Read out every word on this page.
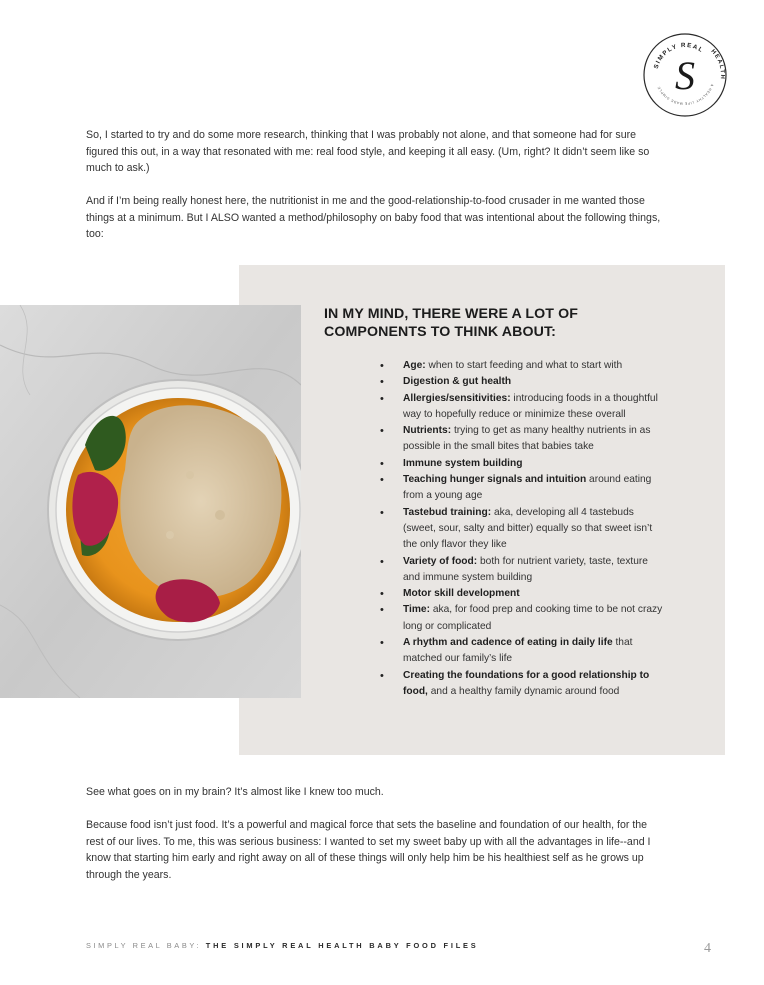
SIMPLY REAL HEALTH
A HEALTHY LIFE MADE SIMPLE S

So, I started to try and do some more research, thinking that I was probably not alone, and that someone had for sure figured this out, in a way that resonated with me: real food style, and keeping it all easy. (Um, right? It didn’t seem like so much to ask.)

And if I’m being really honest here, the nutritionist in me and the good-relationship-to-food crusader in me wanted those things at a minimum. But I ALSO wanted a method/philosophy on baby food that was intentional about the following things, too:

IN MY MIND, THERE WERE A LOT OF COMPONENTS TO THINK ABOUT:
• Age: when to start feeding and what to start with
• Digestion & gut health
• Allergies/sensitivities: introducing foods in a thoughtful way to hopefully reduce or minimize these overall
• Nutrients: trying to get as many healthy nutrients in as possible in the small bites that babies take
• Immune system building
• Teaching hunger signals and intuition around eating from a young age
• Tastebud training: aka, developing all 4 tastebuds (sweet, sour, salty and bitter) equally so that sweet isn’t the only flavor they like
• Variety of food: both for nutrient variety, taste, texture and immune system building
• Motor skill development
• Time: aka, for food prep and cooking time to be not crazy long or complicated
• A rhythm and cadence of eating in daily life that matched our family’s life
• Creating the foundations for a good relationship to food, and a healthy family dynamic around food

See what goes on in my brain? It’s almost like I knew too much.

Because food isn’t just food. It’s a powerful and magical force that sets the baseline and foundation of our health, for the rest of our lives. To me, this was serious business: I wanted to set my sweet baby up with all the advantages in life--and I know that starting him early and right away on all of these things will only help him be his healthiest self as he grows up through the years.

SIMPLY REAL BABY: THE SIMPLY REAL HEALTH BABY FOOD FILES	4
